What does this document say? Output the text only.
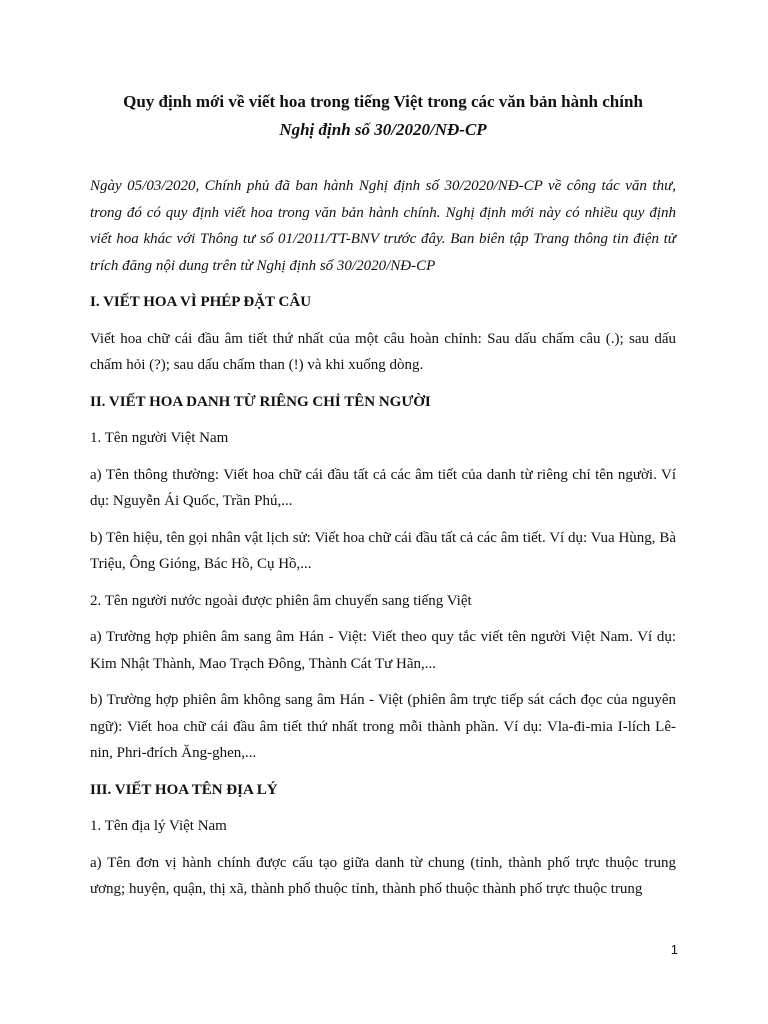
Quy định mới về viết hoa trong tiếng Việt trong các văn bản hành chính

Nghị định số 30/2020/NĐ-CP

Ngày 05/03/2020, Chính phủ đã ban hành Nghị định số 30/2020/NĐ-CP về công tác văn thư, trong đó có quy định viết hoa trong văn bản hành chính. Nghị định mới này có nhiều quy định viết hoa khác với Thông tư số 01/2011/TT-BNV trước đây. Ban biên tập Trang thông tin điện tử trích đăng nội dung trên từ Nghị định số 30/2020/NĐ-CP

I. VIẾT HOA VÌ PHÉP ĐẶT CÂU

Viết hoa chữ cái đầu âm tiết thứ nhất của một câu hoàn chỉnh: Sau dấu chấm câu (.); sau dấu chấm hỏi (?); sau dấu chấm than (!) và khi xuống dòng.

II. VIẾT HOA DANH TỪ RIÊNG CHỈ TÊN NGƯỜI

1. Tên người Việt Nam

a) Tên thông thường: Viết hoa chữ cái đầu tất cả các âm tiết của danh từ riêng chỉ tên người. Ví dụ: Nguyễn Ái Quốc, Trần Phú,...

b) Tên hiệu, tên gọi nhân vật lịch sử: Viết hoa chữ cái đầu tất cả các âm tiết. Ví dụ: Vua Hùng, Bà Triệu, Ông Gióng, Bác Hồ, Cụ Hồ,...

2. Tên người nước ngoài được phiên âm chuyển sang tiếng Việt

a) Trường hợp phiên âm sang âm Hán - Việt: Viết theo quy tắc viết tên người Việt Nam. Ví dụ: Kim Nhật Thành, Mao Trạch Đông, Thành Cát Tư Hãn,...

b) Trường hợp phiên âm không sang âm Hán - Việt (phiên âm trực tiếp sát cách đọc của nguyên ngữ): Viết hoa chữ cái đầu âm tiết thứ nhất trong mỗi thành phần. Ví dụ: Vla-đi-mia I-lích Lê-nin, Phri-đrích Ăng-ghen,...

III. VIẾT HOA TÊN ĐỊA LÝ

1. Tên địa lý Việt Nam

a) Tên đơn vị hành chính được cấu tạo giữa danh từ chung (tỉnh, thành phố trực thuộc trung ương; huyện, quận, thị xã, thành phố thuộc tỉnh, thành phố thuộc thành phố trực thuộc trung

1
